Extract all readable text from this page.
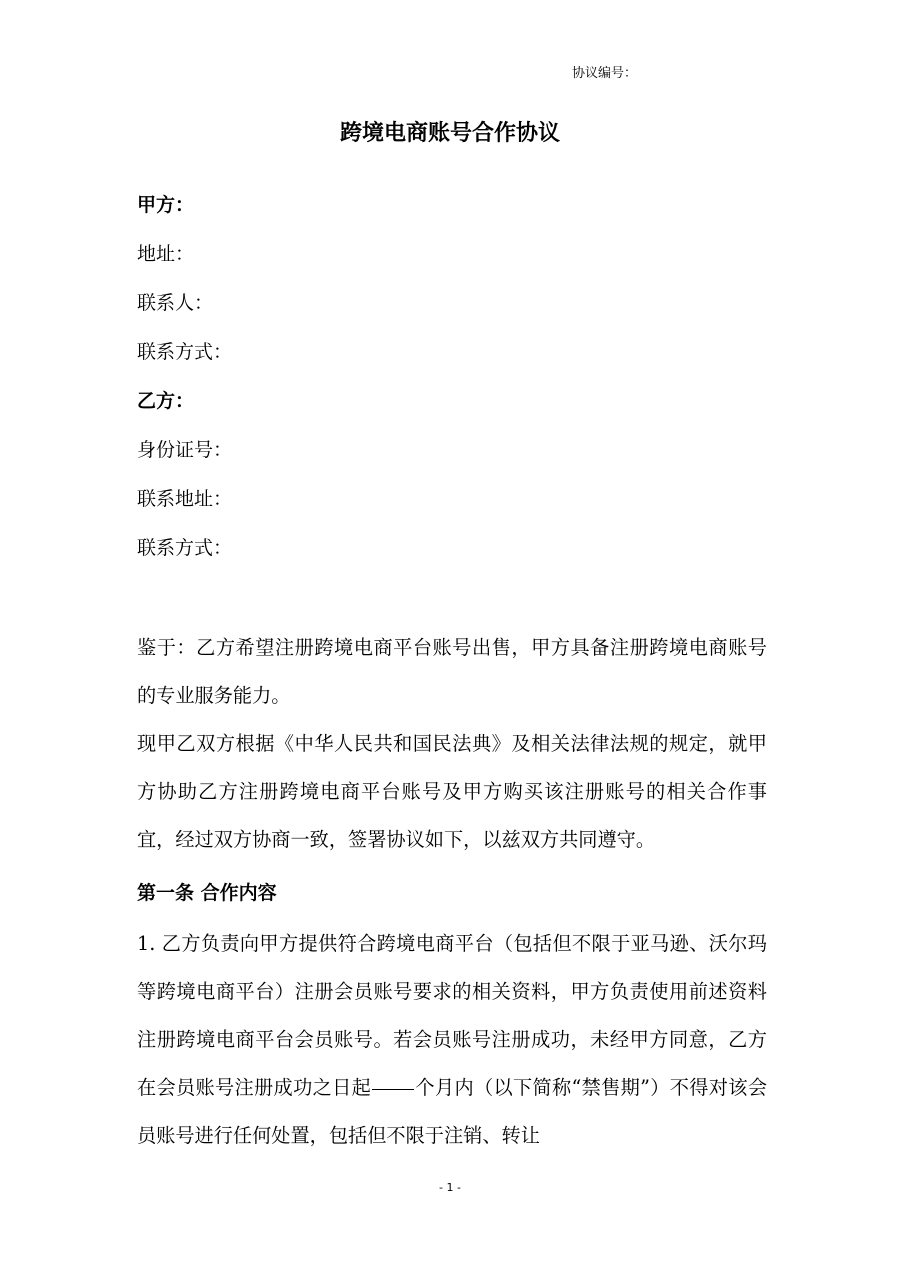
协议编号：
跨境电商账号合作协议
甲方：
地址：
联系人：
联系方式：
乙方：
身份证号：
联系地址：
联系方式：
鉴于：乙方希望注册跨境电商平台账号出售，甲方具备注册跨境电商账号的专业服务能力。
现甲乙双方根据《中华人民共和国民法典》及相关法律法规的规定，就甲方协助乙方注册跨境电商平台账号及甲方购买该注册账号的相关合作事宜，经过双方协商一致，签署协议如下，以兹双方共同遵守。
第一条 合作内容
1. 乙方负责向甲方提供符合跨境电商平台（包括但不限于亚马逊、沃尔玛等跨境电商平台）注册会员账号要求的相关资料，甲方负责使用前述资料注册跨境电商平台会员账号。若会员账号注册成功，未经甲方同意，乙方在会员账号注册成功之日起 个月内（以下简称“禁售期”）不得对该会员账号进行任何处置，包括但不限于注销、转让
- 1 -
